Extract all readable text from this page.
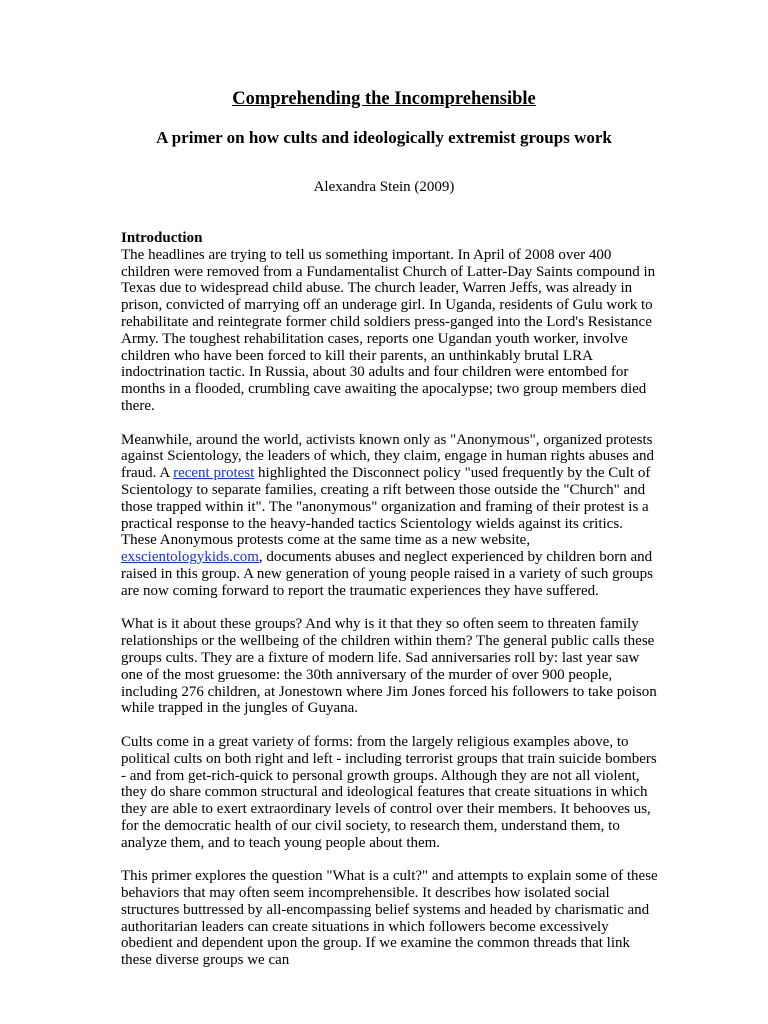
Comprehending the Incomprehensible
A primer on how cults and ideologically extremist groups work
Alexandra Stein (2009)
Introduction
The headlines are trying to tell us something important. In April of 2008 over 400 children were removed from a Fundamentalist Church of Latter-Day Saints compound in Texas due to widespread child abuse. The church leader, Warren Jeffs, was already in prison, convicted of marrying off an underage girl. In Uganda, residents of Gulu work to rehabilitate and reintegrate former child soldiers press-ganged into the Lord's Resistance Army. The toughest rehabilitation cases, reports one Ugandan youth worker, involve children who have been forced to kill their parents, an unthinkably brutal LRA indoctrination tactic. In Russia, about 30 adults and four children were entombed for months in a flooded, crumbling cave awaiting the apocalypse; two group members died there.
Meanwhile, around the world, activists known only as "Anonymous", organized protests against Scientology, the leaders of which, they claim, engage in human rights abuses and fraud. A recent protest highlighted the Disconnect policy "used frequently by the Cult of Scientology to separate families, creating a rift between those outside the "Church" and those trapped within it". The "anonymous" organization and framing of their protest is a practical response to the heavy-handed tactics Scientology wields against its critics. These Anonymous protests come at the same time as a new website, exscientologykids.com, documents abuses and neglect experienced by children born and raised in this group. A new generation of young people raised in a variety of such groups are now coming forward to report the traumatic experiences they have suffered.
What is it about these groups? And why is it that they so often seem to threaten family relationships or the wellbeing of the children within them? The general public calls these groups cults. They are a fixture of modern life. Sad anniversaries roll by: last year saw one of the most gruesome: the 30th anniversary of the murder of over 900 people, including 276 children, at Jonestown where Jim Jones forced his followers to take poison while trapped in the jungles of Guyana.
Cults come in a great variety of forms: from the largely religious examples above, to political cults on both right and left - including terrorist groups that train suicide bombers - and from get-rich-quick to personal growth groups. Although they are not all violent, they do share common structural and ideological features that create situations in which they are able to exert extraordinary levels of control over their members. It behooves us, for the democratic health of our civil society, to research them, understand them, to analyze them, and to teach young people about them.
This primer explores the question "What is a cult?" and attempts to explain some of these behaviors that may often seem incomprehensible. It describes how isolated social structures buttressed by all-encompassing belief systems and headed by charismatic and authoritarian leaders can create situations in which followers become excessively obedient and dependent upon the group. If we examine the common threads that link these diverse groups we can
